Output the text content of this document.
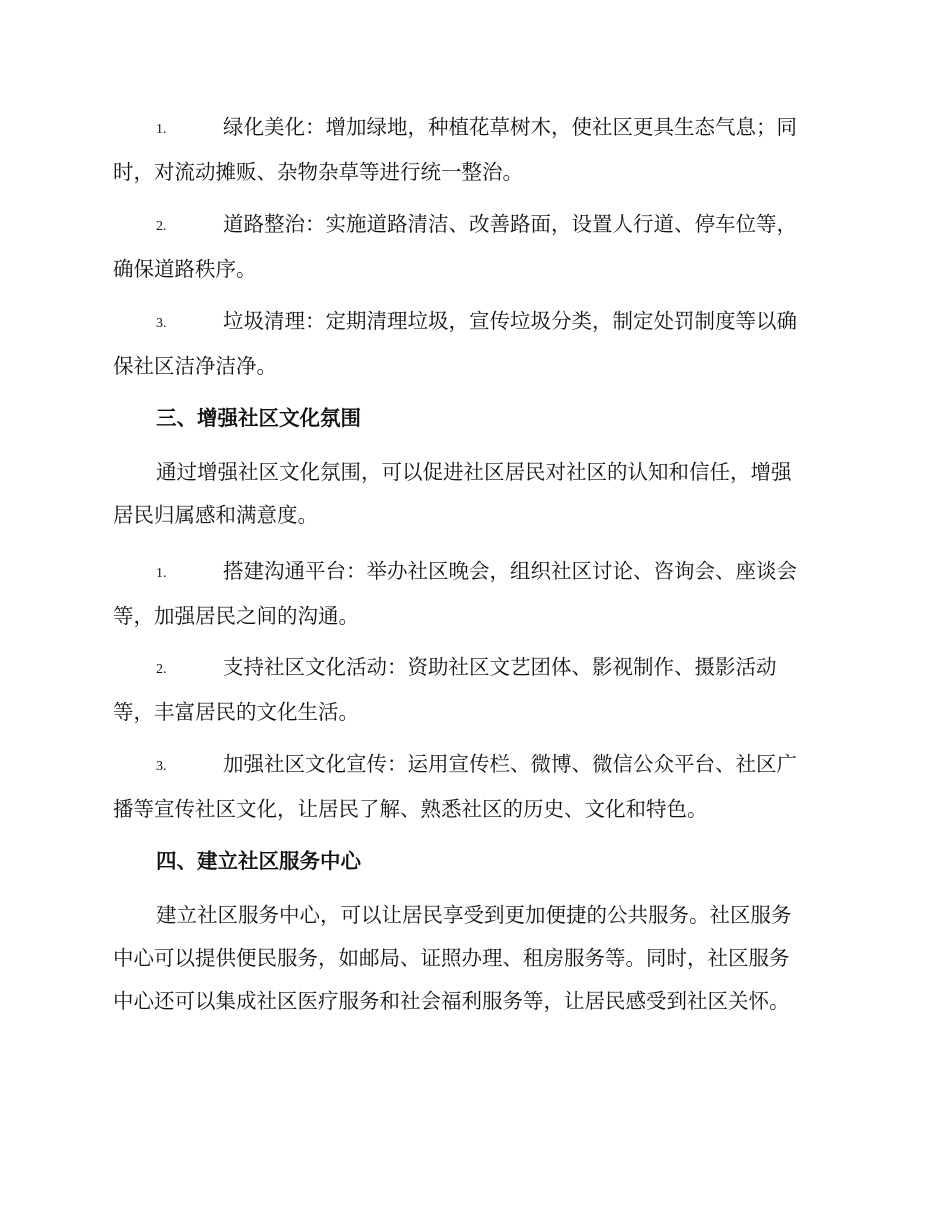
1.	绿化美化：增加绿地，种植花草树木，使社区更具生态气息；同
时，对流动摊贩、杂物杂草等进行统一整治。
2.	道路整治：实施道路清洁、改善路面，设置人行道、停车位等，
确保道路秩序。
3.	垃圾清理：定期清理垃圾，宣传垃圾分类，制定处罚制度等以确
保社区洁净洁净。
三、增强社区文化氛围
通过增强社区文化氛围，可以促进社区居民对社区的认知和信任，增强
居民归属感和满意度。
1.	搭建沟通平台：举办社区晚会，组织社区讨论、咨询会、座谈会
等，加强居民之间的沟通。
2.	支持社区文化活动：资助社区文艺团体、影视制作、摄影活动
等，丰富居民的文化生活。
3.	加强社区文化宣传：运用宣传栏、微博、微信公众平台、社区广
播等宣传社区文化，让居民了解、熟悉社区的历史、文化和特色。
四、建立社区服务中心
建立社区服务中心，可以让居民享受到更加便捷的公共服务。社区服务
中心可以提供便民服务，如邮局、证照办理、租房服务等。同时，社区服务
中心还可以集成社区医疗服务和社会福利服务等，让居民感受到社区关怀。
